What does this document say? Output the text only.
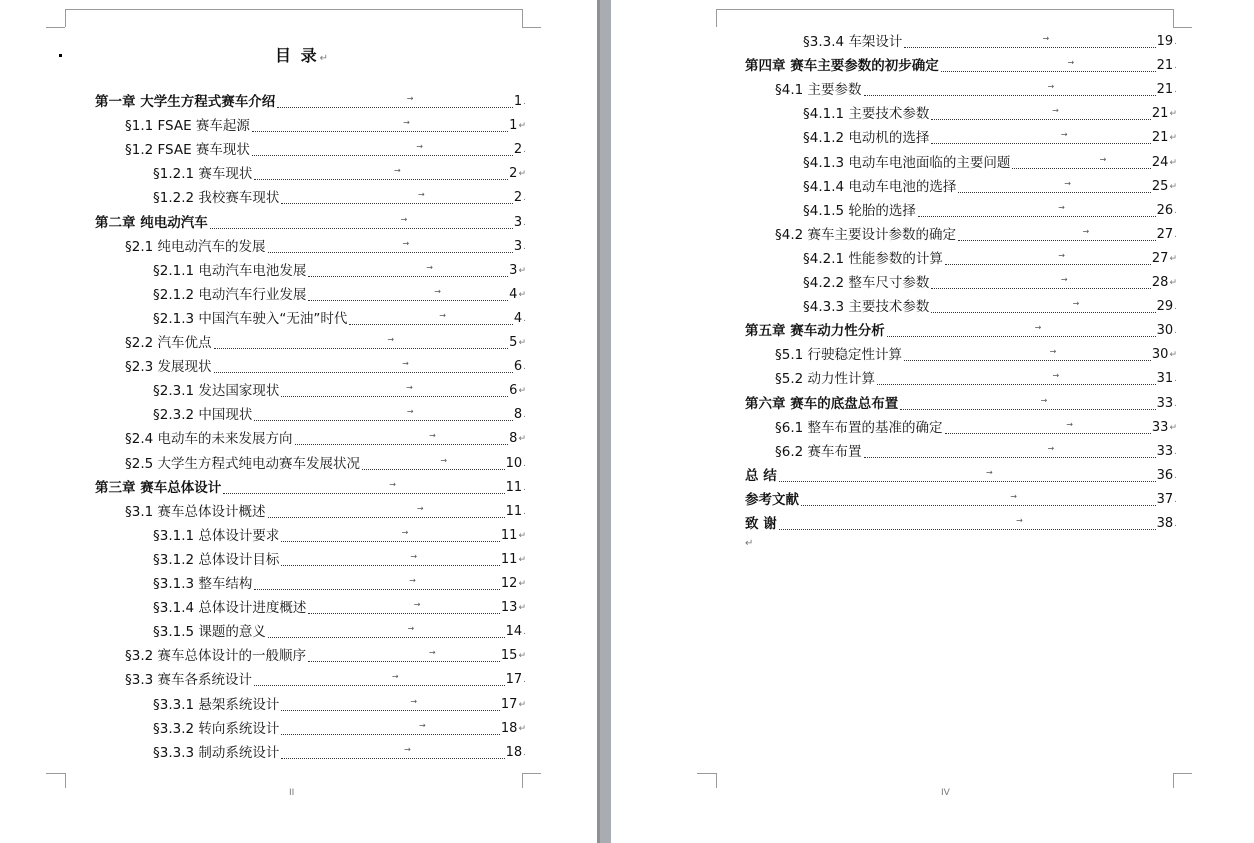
目 录↵
第一章 大学生方程式赛车介绍	→	1 .
§1.1 FSAE 赛车起源	→	1 ↵
§1.2 FSAE 赛车现状	→	2 .
§1.2.1 赛车现状	→	2 ↵
§1.2.2 我校赛车现状	→	2 .
第二章 纯电动汽车	→	3 .
§2.1 纯电动汽车的发展	→	3 .
§2.1.1 电动汽车电池发展	→	3 ↵
§2.1.2 电动汽车行业发展	→	4 ↵
§2.1.3 中国汽车驶入“无油”时代	→	4 .
§2.2 汽车优点	→	5 ↵
§2.3 发展现状	→	6 .
§2.3.1 发达国家现状	→	6 ↵
§2.3.2 中国现状	→	8 .
§2.4 电动车的未来发展方向	→	8 ↵
§2.5 大学生方程式纯电动赛车发展状况	→	10 .
第三章 赛车总体设计	→	11 .
§3.1 赛车总体设计概述	→	11 .
§3.1.1 总体设计要求	→	11 ↵
§3.1.2 总体设计目标	→	11 ↵
§3.1.3 整车结构	→	12 ↵
§3.1.4 总体设计进度概述	→	13 ↵
§3.1.5 课题的意义	→	14 .
§3.2 赛车总体设计的一般顺序	→	15 ↵
§3.3 赛车各系统设计	→	17 .
§3.3.1 悬架系统设计	→	17 ↵
§3.3.2 转向系统设计	→	18 ↵
§3.3.3 制动系统设计	→	18 .
II
§3.3.4 车架设计	→	19 .
第四章 赛车主要参数的初步确定	→	21 .
§4.1 主要参数	→	21 .
§4.1.1 主要技术参数	→	21 ↵
§4.1.2 电动机的选择	→	21 ↵
§4.1.3 电动车电池面临的主要问题	→	24 ↵
§4.1.4 电动车电池的选择	→	25 ↵
§4.1.5 轮胎的选择	→	26 .
§4.2 赛车主要设计参数的确定	→	27 .
§4.2.1 性能参数的计算	→	27 ↵
§4.2.2 整车尺寸参数	→	28 ↵
§4.3.3 主要技术参数	→	29 .
第五章 赛车动力性分析	→	30 .
§5.1 行驶稳定性计算	→	30 ↵
§5.2 动力性计算	→	31 .
第六章 赛车的底盘总布置	→	33 .
§6.1 整车布置的基准的确定	→	33 ↵
§6.2 赛车布置	→	33 .
总 结	→	36 .
参考文献	→	37 .
致 谢	→	38 .
↵
IV
